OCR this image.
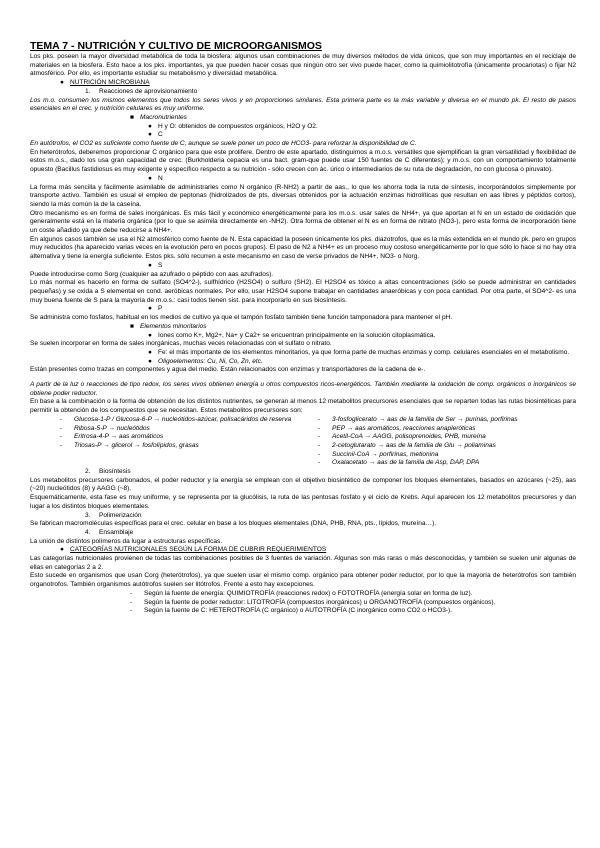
TEMA 7 - NUTRICIÓN Y CULTIVO DE MICROORGANISMOS

Los pks. poseen la mayor diversidad metabólica de toda la biosfera: algunos usan combinaciones de muy diversos métodos de vida únicos, que son muy importantes en el reciclaje de materiales en la biosfera. Esto hace a los pks. importantes, ya que pueden hacer cosas que ningún otro ser vivo puede hacer, como la quimiolitotrofía (únicamente procariotas) o fijar N2 atmosférico. Por ello, es importante estudiar su metabolismo y diversidad metabólica.

● NUTRICIÓN MICROBIANA
1.	Reacciones de aprovisionamiento

Los m.o. consumen los mismos elementos que todos los seres vivos y en proporciones similares. Esta primera parte es la más variable y diversa en el mundo pk. El resto de pasos esenciales en el crec. y nutrición celulares es muy uniforme.

■ Macronutrientes
● H y O: obtenidos de compuestos orgánicos, H2O y O2.
● C

En autótrofos, el CO2 es suficiente como fuente de C, aunque se suele poner un poco de HCO3- para reforzar la disponibilidad de C.

En heterótrofos, deberemos proporcionar C orgánico para que este prolifere. Dentro de este apartado, distinguimos a m.o.s. versátiles que ejemplifican la gran versatilidad y flexibilidad de estos m.o.s., dado los usa gran capacidad de crec. (Burkholderia cepacia es una bact. gram-que puede usar 150 fuentes de C diferentes); y m.o.s. con un comportamiento totalmente opuesto (Bacillus fastidiosus es muy exigente y específico respecto a su nutrición - sólo crecen con ác. úrico o intermediarios de su ruta de degradación, no con glucosa o piruvato).

● N

La forma más sencilla y fácilmente asimilable de administrarles como N orgánico (R-NH2) a partir de aas., lo que les ahorra toda la ruta de síntesis, incorporándolos simplemente por transporte activo. También es usual el empleo de peptonas (hidrolizados de pts. diversas obtenidos por la actuación enzimas hidrolíticas que resultan en aas libres y péptidos cortos), siendo la más común la de la caseína.

Otro mecanismo es en forma de sales inorgánicas. Es más fácil y económico energéticamente para los m.o.s. usar sales de NH4+, ya que aportan el N en un estado de oxidación que generalmente está en la materia orgánica (por lo que se asimila directamente en -NH2). Otra forma de obtener el N es en forma de nitrato (NO3-), pero esta forma de incorporación tiene un coste añadido ya que debe reducirse a NH4+.

En algunos casos también se usa el N2 atmosférico como fuente de N. Esta capacidad la poseen únicamente los pks. diazotrofos, que es la más extendida en el mundo pk. pero en grupos muy reducidos (ha aparecido varias veces en la evolución pero en pocos grupos). El paso de N2 a NH4+ es un proceso muy costoso energéticamente por lo que sólo lo hace si no hay otra alternativa y tiene la energía suficiente. Estos pks. sólo recurren a este mecanismo en caso de verse privados de NH4+, NO3- o Norg.

● S

Puede introducirse como Sorg (cualquier aa azufrado o péptido con aas azufrados).

Lo más normal es hacerlo en forma de sulfato (SO4^2-), sulfhídrico (H2SO4) o sulfuro (SH2). El H2SO4 es tóxico a altas concentraciones (sólo se puede administrar en cantidades pequeñas) y se oxida a S elemental en cond. aeróbicas normales. Por ello, usar H2SO4 supone trabajar en cantidades anaeróbicas y con poca cantidad. Por otra parte, el SO4^2- es una muy buena fuente de S para la mayoría de m.o.s.: casi todos tienen sist. para incorporarlo en sus biosíntesis.

● P

Se administra como fosfatos, habitual en los medios de cultivo ya que el tampón fosfato también tiene función tamponadora para mantener el pH.

■ Elementos minoritarios
● Iones como K+, Mg2+, Na+ y Ca2+ se encuentran principalmente en la solución citoplasmática.

Se suelen incorporar en forma de sales inorgánicas, muchas veces relacionadas con el sulfato o nitrato.

● Fe: el más importante de los elementos minoritarios, ya que forma parte de muchas enzimas y comp. celulares esenciales en el metabolismo.
● Oligoelementos: Cu, Ni, Co, Zn, etc.

Están presentes como trazas en componentes y agua del medio. Están relacionados con enzimas y transportadores de la cadena de e-.

A partir de la luz o reacciones de tipo redox, los seres vivos obtienen energía u otros compuestos ricos-energéticos. También mediante la oxidación de comp. orgánicos o inorgánicos se obtiene poder reductor.

En base a la combinación o la forma de obtención de los distintos nutrientes, se generan al menos 12 metabolitos precursores esenciales que se reparten todas las rutas biosintéticas para permitir la obtención de los compuestos que se necesitan. Estos metabolitos precursores son:

-	Glucosa-1-P / Glucosa-6-P → nucleótidos-azúcar, polisacáridos de reserva
-	Ribosa-5-P → nucleótidos
-	Eritrosa-4-P → aas aromáticos
-	Triosas-P → glicerol → fosfolípidos, grasas
-	3-fosfoglicerato → aas de la familia de Ser → purinas, porfirinas
-	PEP → aas aromáticos, reacciones anapleróticas
-	Acetil-CoA → AAGG, polisoprenoides, PHB, mureína
-	2-cetoglutarato → aas de la familia de Glu → poliaminas
-	Succinil-CoA → porfirinas, metionina
-	Oxalacetato → aas de la familia de Asp, DAP, DPA
2.	Biosíntesis

Los metabolitos precursores carbonados, el poder reductor y la energía se emplean con el objetivo biosintético de componer los bloques elementales, basados en azúcares (~25), aas (~20) nucleótidos (8) y AAGG (~8).

Esquemáticamente, esta fase es muy uniforme, y se representa por la glucólisis, la ruta de las pentosas fosfato y el ciclo de Krebs. Aquí aparecen los 12 metabolitos precursores y dan lugar a los distintos bloques elementales.

3.	Polimerización

Se fabrican macromoléculas específicas para el crec. celular en base a los bloques elementales (DNA, PHB, RNA, pts., lípidos, mureína…).

4.	Ensamblaje

La unión de distintos polímeros da lugar a estructuras específicas.

● CATEGORÍAS NUTRICIONALES SEGÚN LA FORMA DE CUBRIR REQUERIMIENTOS

Las categorías nutricionales provienen de todas las combinaciones posibles de 3 fuentes de variación. Algunas son más raras o más desconocidas, y también se suelen unir algunas de ellas en categorías 2 a 2.

Esto sucede en organismos que usan Corg (heterótrofos), ya que suelen usar el mismo comp. orgánico para obtener poder reductor, por lo que la mayoría de heterótrofos son también organotrofos. También organismos autótrofos suelen ser litótrofos. Frente a esto hay excepciones.

-	Según la fuente de energía: QUIMIOTROFÍA (reacciones redox) o FOTOTROFÍA (energía solar en forma de luz).
-	Según la fuente de poder reductor: LITOTROFÍA (compuestos inorgánicos) u ORGANOTROFÍA (compuestos orgánicos).
-	Según la fuente de C: HETEROTROFÍA (C orgánico) o AUTOTROFÍA (C inorgánico como CO2 o HCO3-).
